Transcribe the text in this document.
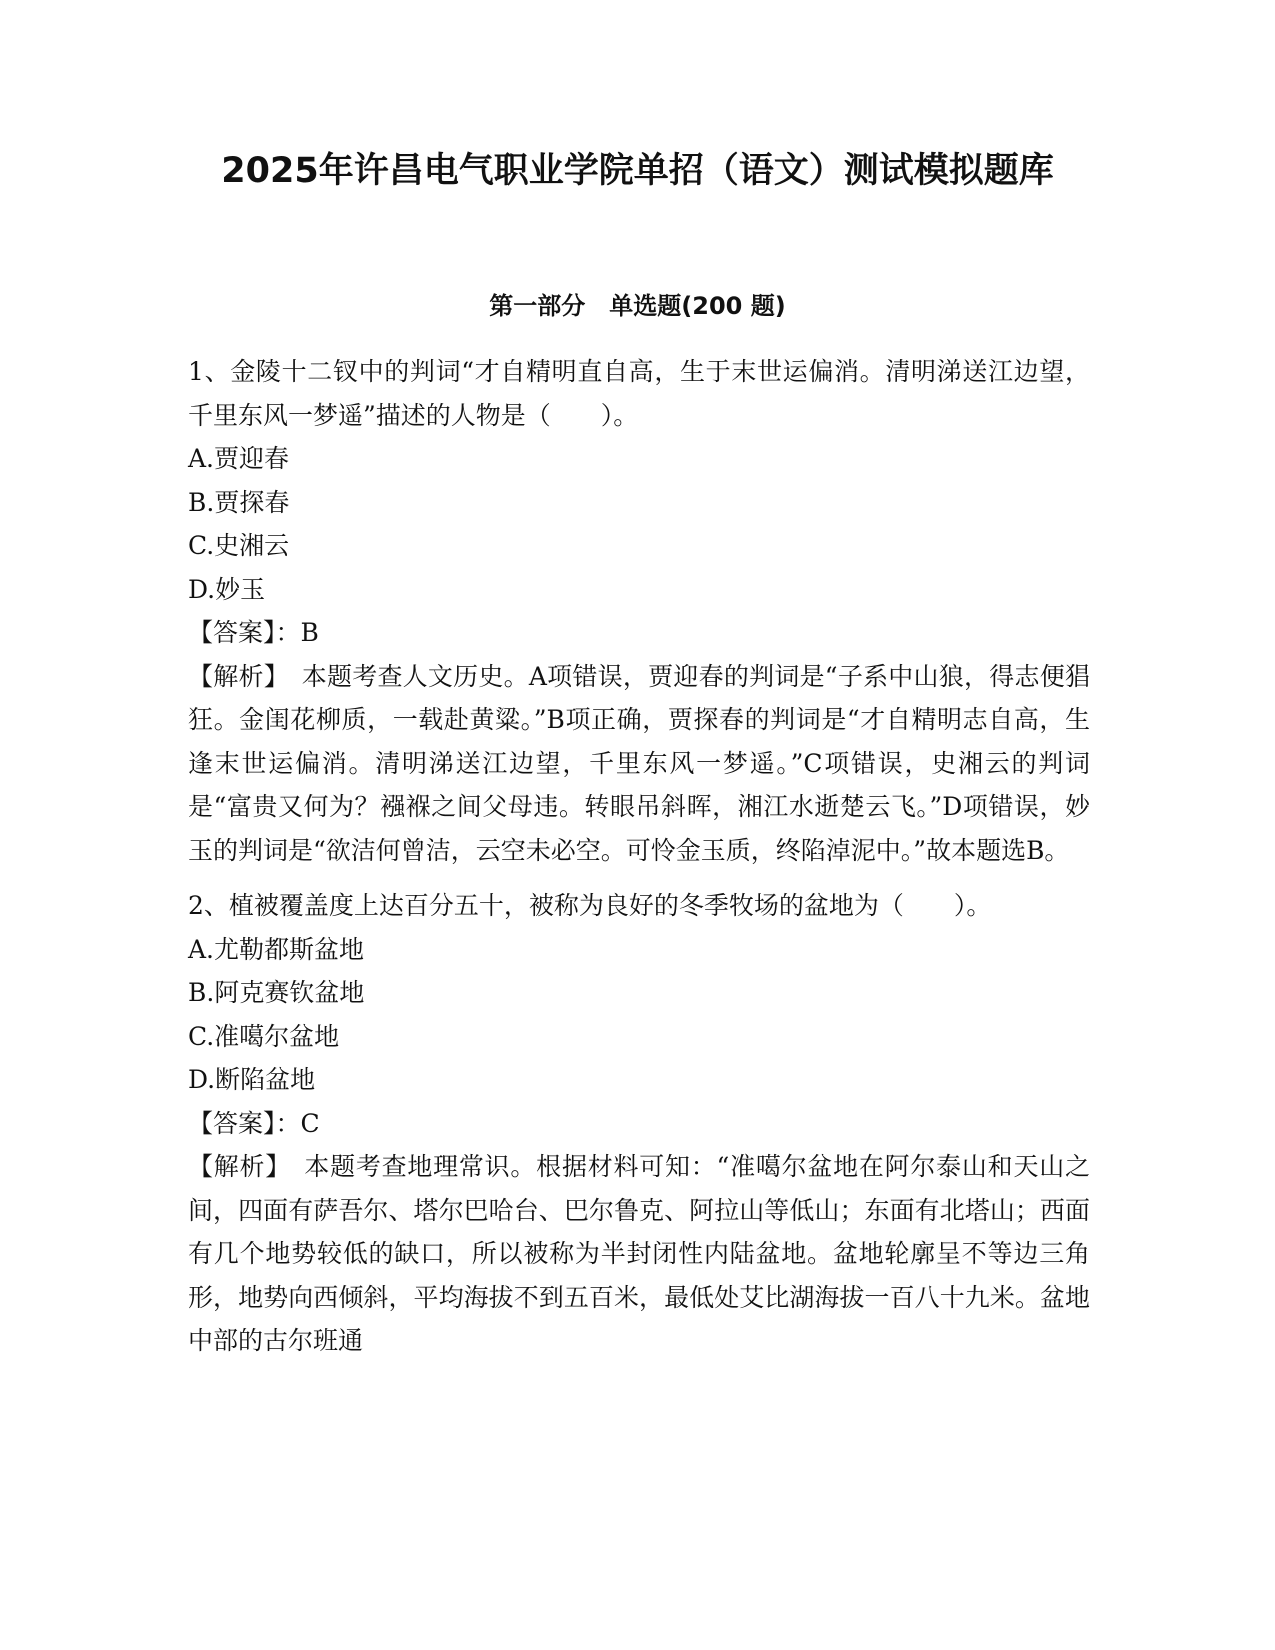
2025年许昌电气职业学院单招（语文）测试模拟题库
第一部分　单选题(200 题)

1、金陵十二钗中的判词“才自精明直自高，生于末世运偏消。清明涕送江边望，千里东风一梦遥”描述的人物是（　　）。

A.贾迎春

B.贾探春

C.史湘云

D.妙玉

【答案】：B

【解析】　 本题考查人文历史。A项错误，贾迎春的判词是“子系中山狼，得志便猖狂。金闺花柳质，一载赴黄粱。”B项正确，贾探春的判词是“才自精明志自高，生逢末世运偏消。清明涕送江边望，千里东风一梦遥。”C项错误，史湘云的判词是“富贵又何为？襁褓之间父母违。转眼吊斜晖，湘江水逝楚云飞。”D项错误，妙玉的判词是“欲洁何曾洁，云空未必空。可怜金玉质，终陷淖泥中。”故本题选B。

2、植被覆盖度上达百分五十，被称为良好的冬季牧场的盆地为（　　）。

A.尤勒都斯盆地

B.阿克赛钦盆地

C.准噶尔盆地

D.断陷盆地

【答案】：C

【解析】　 本题考查地理常识。根据材料可知：“准噶尔盆地在阿尔泰山和天山之间，四面有萨吾尔、塔尔巴哈台、巴尔鲁克、阿拉山等低山；东面有北塔山；西面有几个地势较低的缺口，所以被称为半封闭性内陆盆地。盆地轮廓呈不等边三角形，地势向西倾斜，平均海拔不到五百米，最低处艾比湖海拔一百八十九米。盆地中部的古尔班通
